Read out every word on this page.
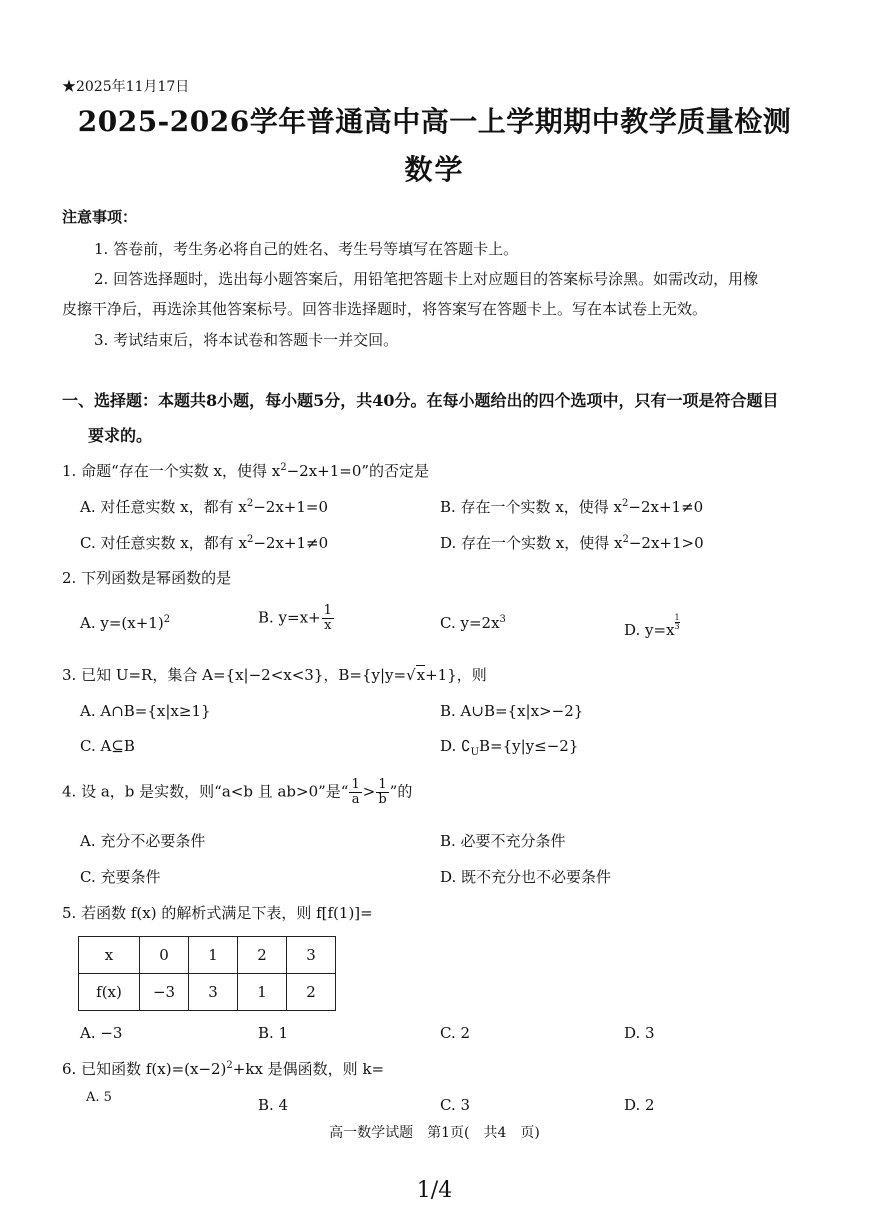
★2025年11月17日
2025-2026学年普通高中高一上学期期中教学质量检测
数学
注意事项：
1. 答卷前，考生务必将自己的姓名、考生号等填写在答题卡上。
2. 回答选择题时，选出每小题答案后，用铅笔把答题卡上对应题目的答案标号涂黑。如需改动，用橡
皮擦干净后，再选涂其他答案标号。回答非选择题时，将答案写在答题卡上。写在本试卷上无效。
3. 考试结束后，将本试卷和答题卡一并交回。
一、选择题：本题共8小题，每小题5分，共40分。在每小题给出的四个选项中，只有一项是符合题目
要求的。
1. 命题“存在一个实数 x，使得 $x^2-2x+1=0$”的否定是
A. 对任意实数 x，都有 $x^2-2x+1=0$	B. 存在一个实数 x，使得 $x^2-2x+1\ne 0$
C. 对任意实数 x，都有 $x^2-2x+1\ne 0$	D. 存在一个实数 x，使得 $x^2-2x+1>0$
2. 下列函数是幂函数的是
A. $y=(x+1)^2$	B. $y=x+ \frac{1}{x}$	C. $y=2x^3$
D. $y=x \frac{1}{3}$
3. 已知 U=R，集合 A={x|−2<x<3}，B={y|y=√x+1}，则
A. A∩B={x|x≥1}	B. A∪B={x|x>−2}
C. A⊆B	D. $∁_UB=\{y|y\le-2\}$
4. 设 a，b 是实数，则“a<b 且 ab>0”是“ $\frac{1}{a} > \frac{1}{b}$ ”的
A. 充分不必要条件	B. 必要不充分条件
C. 充要条件	D. 既不充分也不必要条件
5. 若函数 f(x) 的解析式满足下表，则 f[f(1)]=
x	0	1	2	3
f(x)	−3	3	1	2
A. −3	B. 1	C. 2	D. 3
6. 已知函数 $f(x)=(x-2)^2+kx$ 是偶函数，则 k=
A. 5	B. 4	C. 3	D. 2
高一数学试题　第1页(　共4　页)
1/4
